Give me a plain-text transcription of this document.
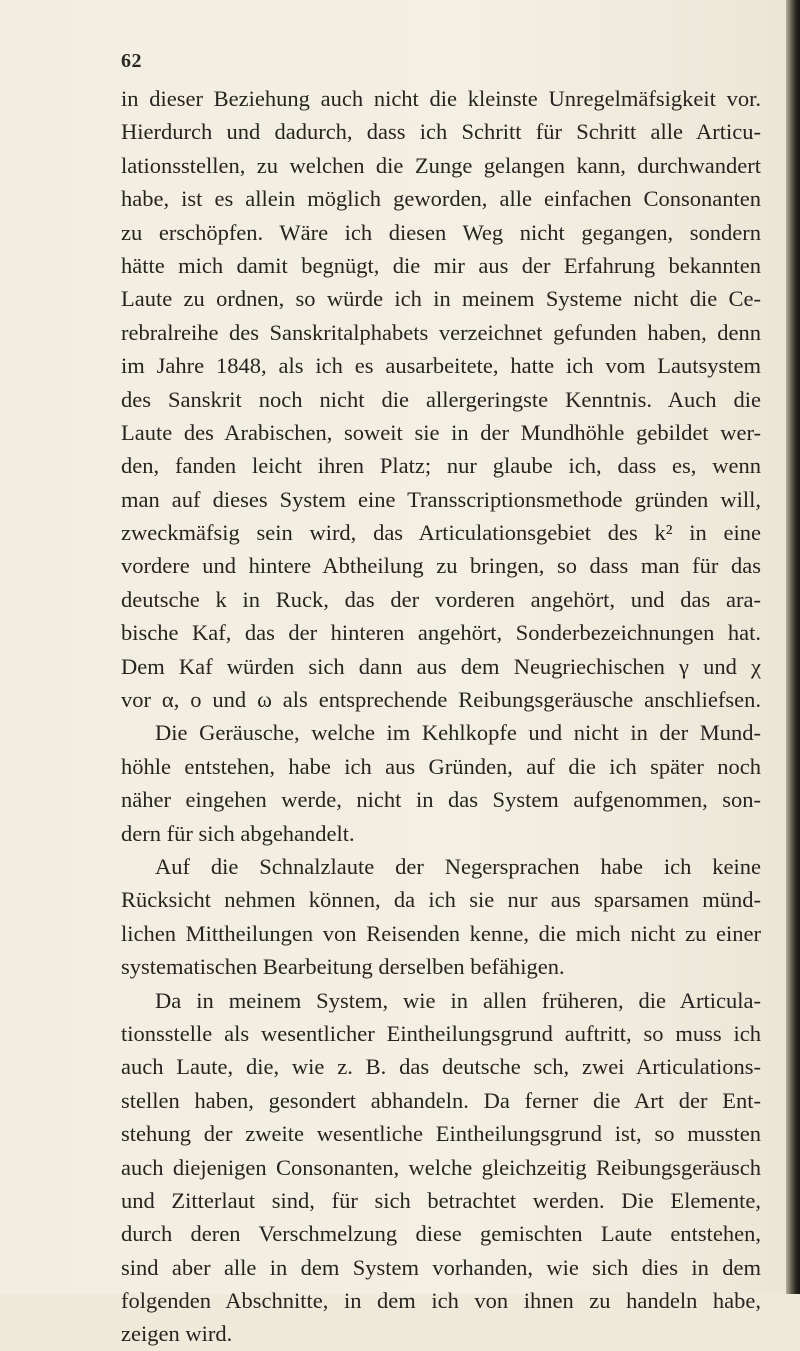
62
in dieser Beziehung auch nicht die kleinste Unregelmäfsigkeit vor.
Hierdurch und dadurch, dass ich Schritt für Schritt alle Articu-
lationsstellen, zu welchen die Zunge gelangen kann, durchwandert
habe, ist es allein möglich geworden, alle einfachen Consonanten
zu erschöpfen. Wäre ich diesen Weg nicht gegangen, sondern
hätte mich damit begnügt, die mir aus der Erfahrung bekannten
Laute zu ordnen, so würde ich in meinem Systeme nicht die Ce-
rebralreihe des Sanskritalphabets verzeichnet gefunden haben, denn
im Jahre 1848, als ich es ausarbeitete, hatte ich vom Lautsystem
des Sanskrit noch nicht die allergeringste Kenntnis. Auch die
Laute des Arabischen, soweit sie in der Mundhöhle gebildet wer-
den, fanden leicht ihren Platz; nur glaube ich, dass es, wenn
man auf dieses System eine Transscriptionsmethode gründen will,
zweckmäfsig sein wird, das Articulationsgebiet des k² in eine
vordere und hintere Abtheilung zu bringen, so dass man für das
deutsche k in Ruck, das der vorderen angehört, und das ara-
bische Kaf, das der hinteren angehört, Sonderbezeichnungen hat.
Dem Kaf würden sich dann aus dem Neugriechischen γ und χ
vor α, ο und ω als entsprechende Reibungsgeräusche anschliefsen.
Die Geräusche, welche im Kehlkopfe und nicht in der Mund-
höhle entstehen, habe ich aus Gründen, auf die ich später noch
näher eingehen werde, nicht in das System aufgenommen, son-
dern für sich abgehandelt.
Auf die Schnalzlaute der Negersprachen habe ich keine
Rücksicht nehmen können, da ich sie nur aus sparsamen münd-
lichen Mittheilungen von Reisenden kenne, die mich nicht zu einer
systematischen Bearbeitung derselben befähigen.
Da in meinem System, wie in allen früheren, die Articula-
tionsstelle als wesentlicher Eintheilungsgrund auftritt, so muss ich
auch Laute, die, wie z. B. das deutsche sch, zwei Articulations-
stellen haben, gesondert abhandeln. Da ferner die Art der Ent-
stehung der zweite wesentliche Eintheilungsgrund ist, so mussten
auch diejenigen Consonanten, welche gleichzeitig Reibungsgeräusch
und Zitterlaut sind, für sich betrachtet werden. Die Elemente,
durch deren Verschmelzung diese gemischten Laute entstehen,
sind aber alle in dem System vorhanden, wie sich dies in dem
folgenden Abschnitte, in dem ich von ihnen zu handeln habe,
zeigen wird.
